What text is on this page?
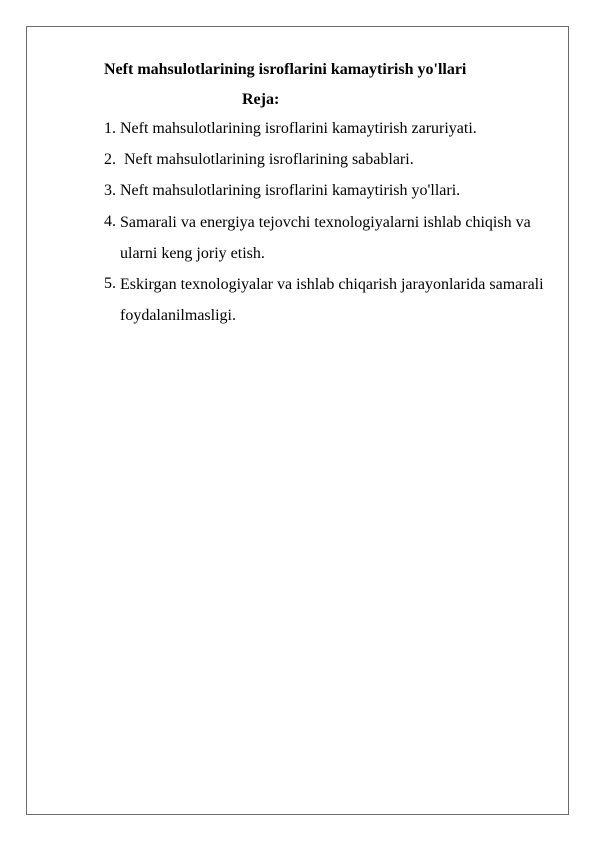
Neft mahsulotlarining isroflarini kamaytirish yo'llari
Reja:
1. Neft mahsulotlarining isroflarini kamaytirish zaruriyati.
2. Neft mahsulotlarining isroflarining sabablari.
3. Neft mahsulotlarining isroflarini kamaytirish yo'llari.
4. Samarali va energiya tejovchi texnologiyalarni ishlab chiqish va ularni keng joriy etish.
5. Eskirgan texnologiyalar va ishlab chiqarish jarayonlarida samarali foydalanilmasligi.
